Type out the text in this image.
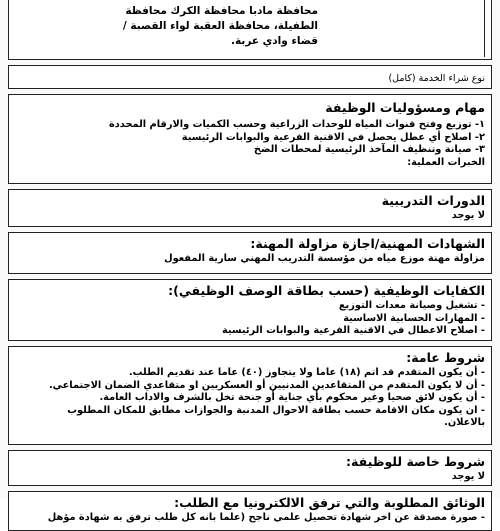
محافظة مادبا محافظة الكرك محافظة
الطفيلة، محافظة العقبة لواء القصبة /
قضاء وادي عربة.
نوع شراء الخدمة (كامل)
مهام ومسؤوليات الوظيفة
١- توزيع وفتح قنوات المياه للوحدات الزراعية وحسب الكميات والارقام المحددة
٢- اصلاح أي عطل يحصل في الاقنية الفرعية والبوابات الرئيسية
٣- صيانة وتنظيف المآخذ الرئيسية لمحطات الضخ
الخبرات العملية:
الدورات التدريبية
لا يوجد
الشهادات المهنية/اجازة مزاولة المهنة:
مزاولة مهنة موزع مياه من مؤسسة التدريب المهني سارية المفعول
الكفايات الوظيفية (حسب بطاقة الوصف الوظيفي):
- تشغيل وصيانة معدات التوزيع
- المهارات الحسابية الاساسية
- اصلاح الاعطال في الاقنية الفرعية والبوابات الرئيسية
شروط عامة:
- أن يكون المتقدم قد اتم (١٨) عاما ولا يتجاوز (٤٠) عاما عند تقديم الطلب.
- أن لا يكون المتقدم من المتقاعدين المدنيين أو العسكريين او متقاعدي الضمان الاجتماعي.
- أن يكون لائق صحيا وغير محكوم بأي جناية أو جنحة تخل بالشرف والاداب العامة.
- ان يكون مكان الاقامة حسب بطاقة الاحوال المدنية والجوازات مطابق للمكان المطلوب
بالاعلان.
شروط خاصة للوظيفة:
لا يوجد
الوثائق المطلوبة والتي ترفق الالكترونيا مع الطلب:
- صورة مصدقة عن اخر شهادة تحصيل علمي ناجح (علما بانه كل طلب ترفق به شهادة مؤهل
